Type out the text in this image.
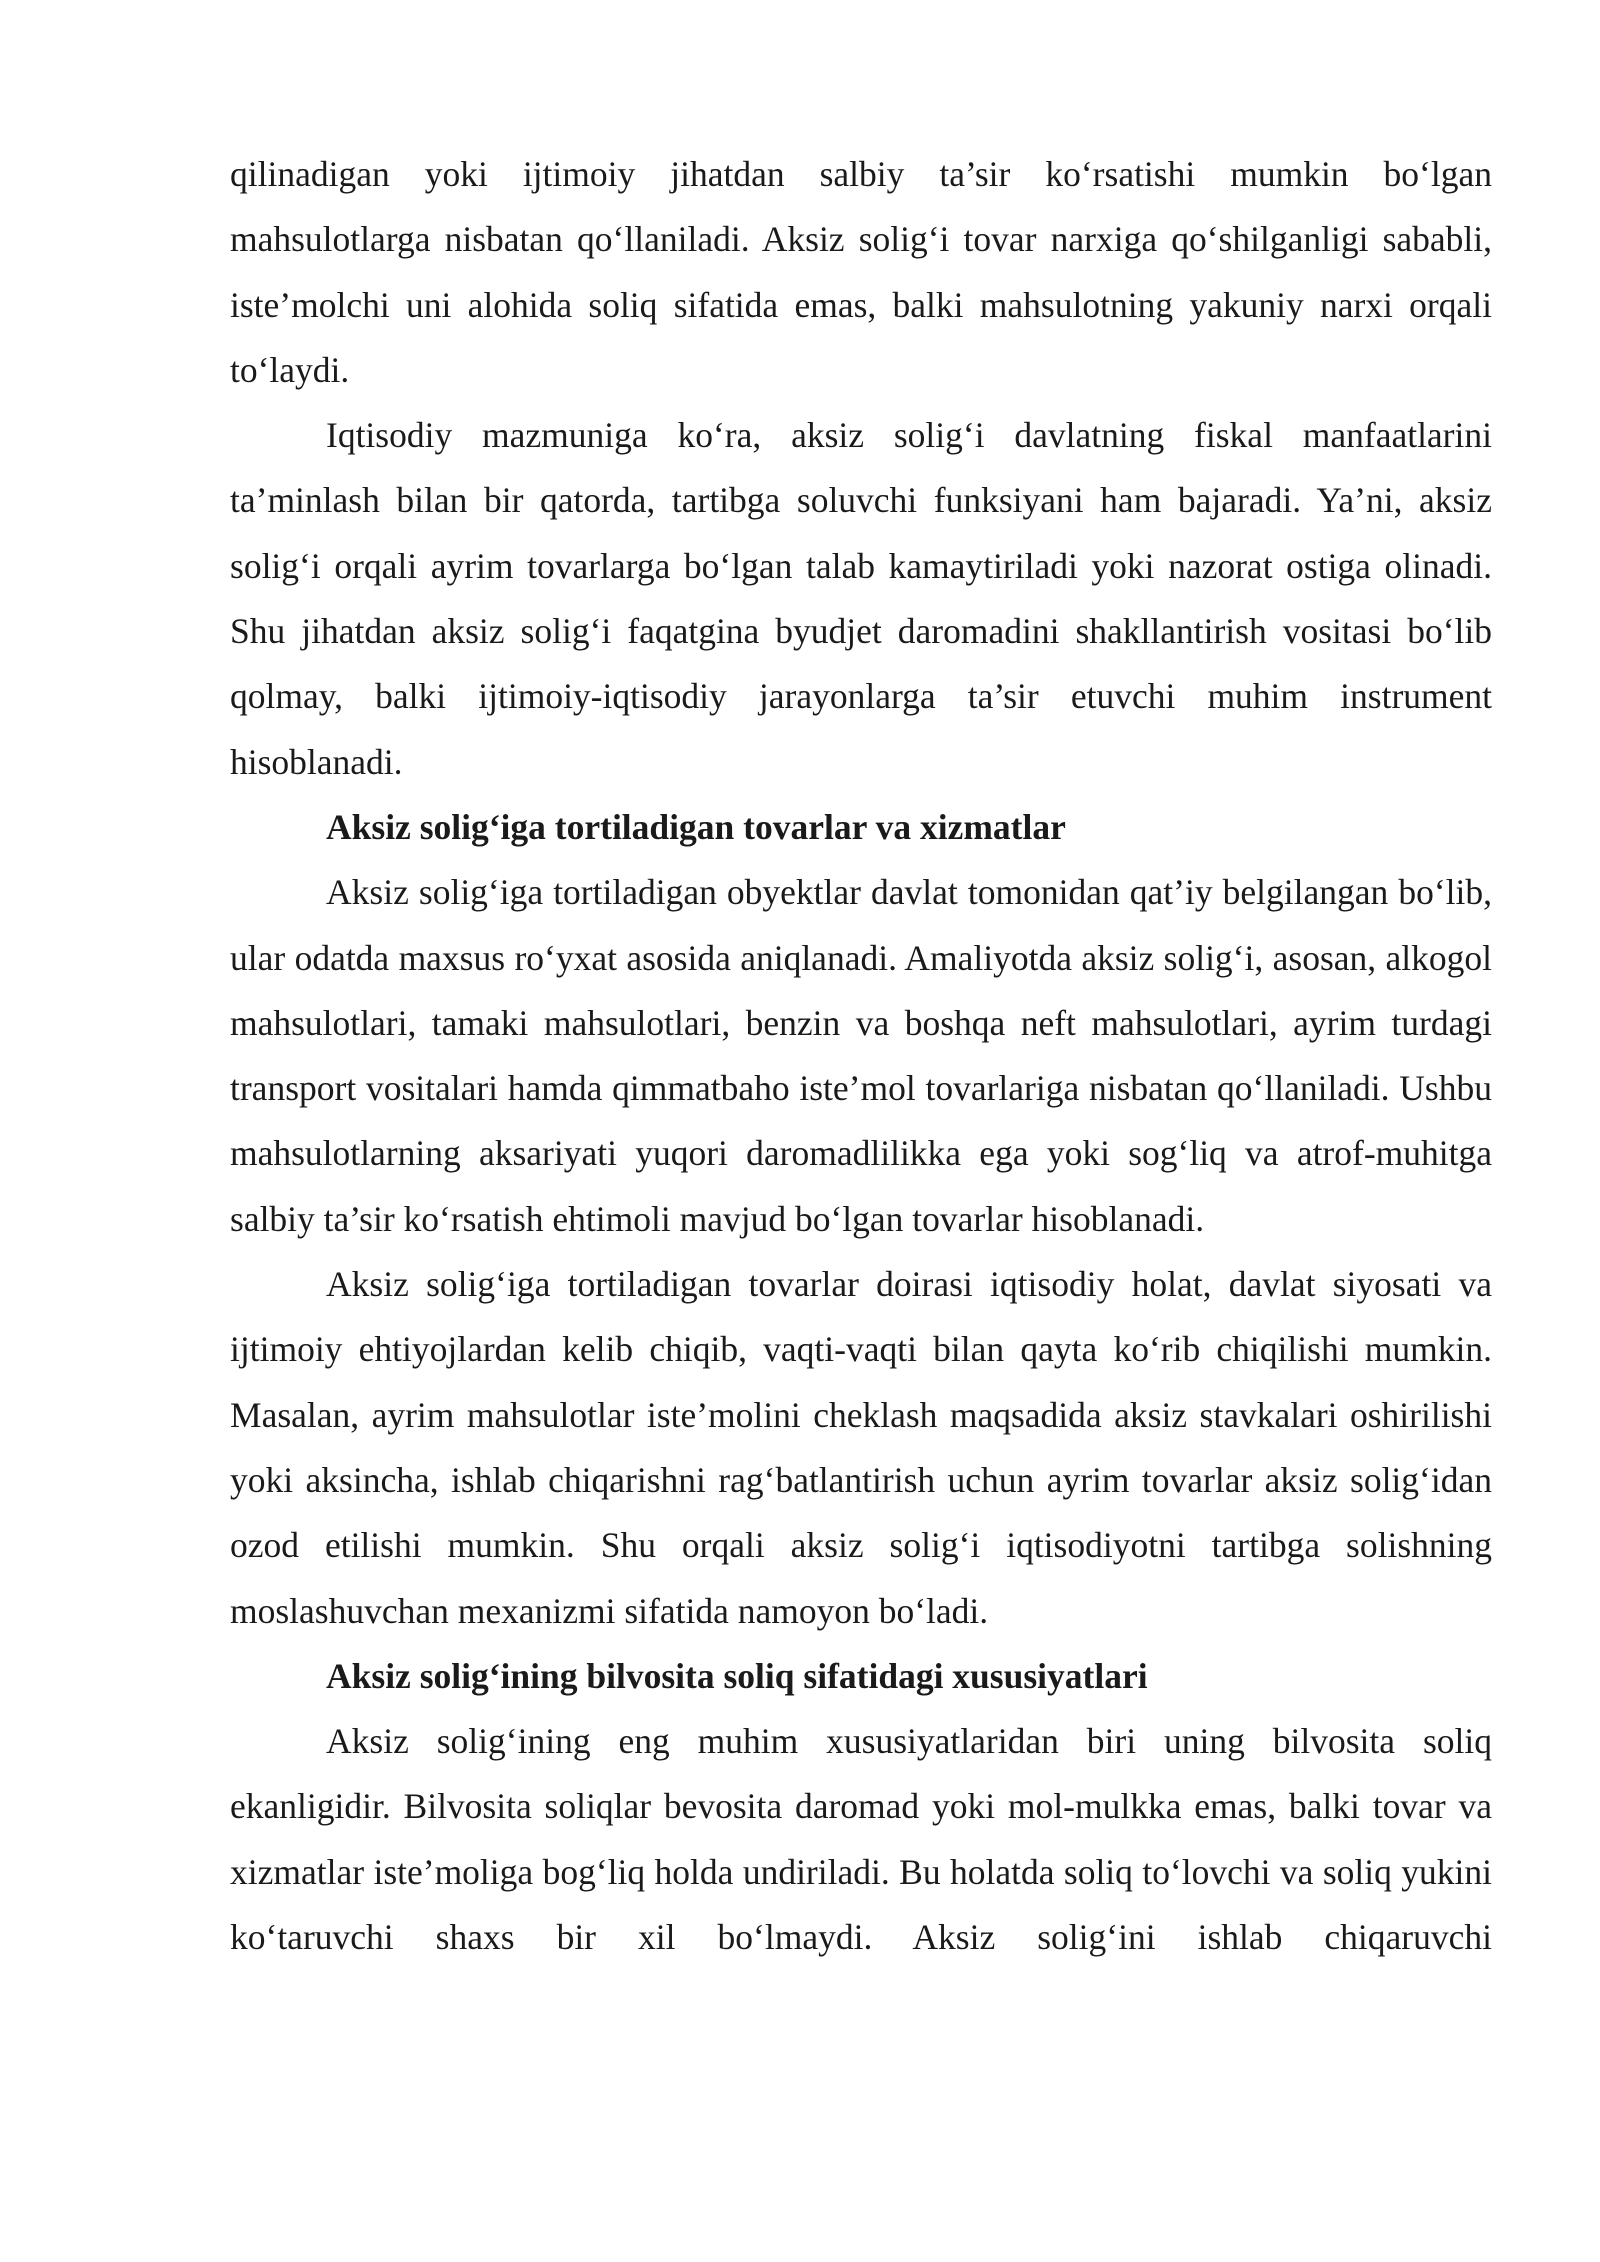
qilinadigan yoki ijtimoiy jihatdan salbiy ta’sir ko‘rsatishi mumkin bo‘lgan mahsulotlarga nisbatan qo‘llaniladi. Aksiz solig‘i tovar narxiga qo‘shilganligi sababli, iste’molchi uni alohida soliq sifatida emas, balki mahsulotning yakuniy narxi orqali to‘laydi.

Iqtisodiy mazmuniga ko‘ra, aksiz solig‘i davlatning fiskal manfaatlarini ta’minlash bilan bir qatorda, tartibga soluvchi funksiyani ham bajaradi. Ya’ni, aksiz solig‘i orqali ayrim tovarlarga bo‘lgan talab kamaytiriladi yoki nazorat ostiga olinadi. Shu jihatdan aksiz solig‘i faqatgina byudjet daromadini shakllantirish vositasi bo‘lib qolmay, balki ijtimoiy-iqtisodiy jarayonlarga ta’sir etuvchi muhim instrument hisoblanadi.

Aksiz solig‘iga tortiladigan tovarlar va xizmatlar

Aksiz solig‘iga tortiladigan obyektlar davlat tomonidan qat’iy belgilangan bo‘lib, ular odatda maxsus ro‘yxat asosida aniqlanadi. Amaliyotda aksiz solig‘i, asosan, alkogol mahsulotlari, tamaki mahsulotlari, benzin va boshqa neft mahsulotlari, ayrim turdagi transport vositalari hamda qimmatbaho iste’mol tovarlariga nisbatan qo‘llaniladi. Ushbu mahsulotlarning aksariyati yuqori daromadlilikka ega yoki sog‘liq va atrof-muhitga salbiy ta’sir ko‘rsatish ehtimoli mavjud bo‘lgan tovarlar hisoblanadi.

Aksiz solig‘iga tortiladigan tovarlar doirasi iqtisodiy holat, davlat siyosati va ijtimoiy ehtiyojlardan kelib chiqib, vaqti-vaqti bilan qayta ko‘rib chiqilishi mumkin. Masalan, ayrim mahsulotlar iste’molini cheklash maqsadida aksiz stavkalari oshirilishi yoki aksincha, ishlab chiqarishni rag‘batlantirish uchun ayrim tovarlar aksiz solig‘idan ozod etilishi mumkin. Shu orqali aksiz solig‘i iqtisodiyotni tartibga solishning moslashuvchan mexanizmi sifatida namoyon bo‘ladi.

Aksiz solig‘ining bilvosita soliq sifatidagi xususiyatlari

Aksiz solig‘ining eng muhim xususiyatlaridan biri uning bilvosita soliq ekanligidir. Bilvosita soliqlar bevosita daromad yoki mol-mulkka emas, balki tovar va xizmatlar iste’moliga bog‘liq holda undiriladi. Bu holatda soliq to‘lovchi va soliq yukini ko‘taruvchi shaxs bir xil bo‘lmaydi. Aksiz solig‘ini ishlab chiqaruvchi
